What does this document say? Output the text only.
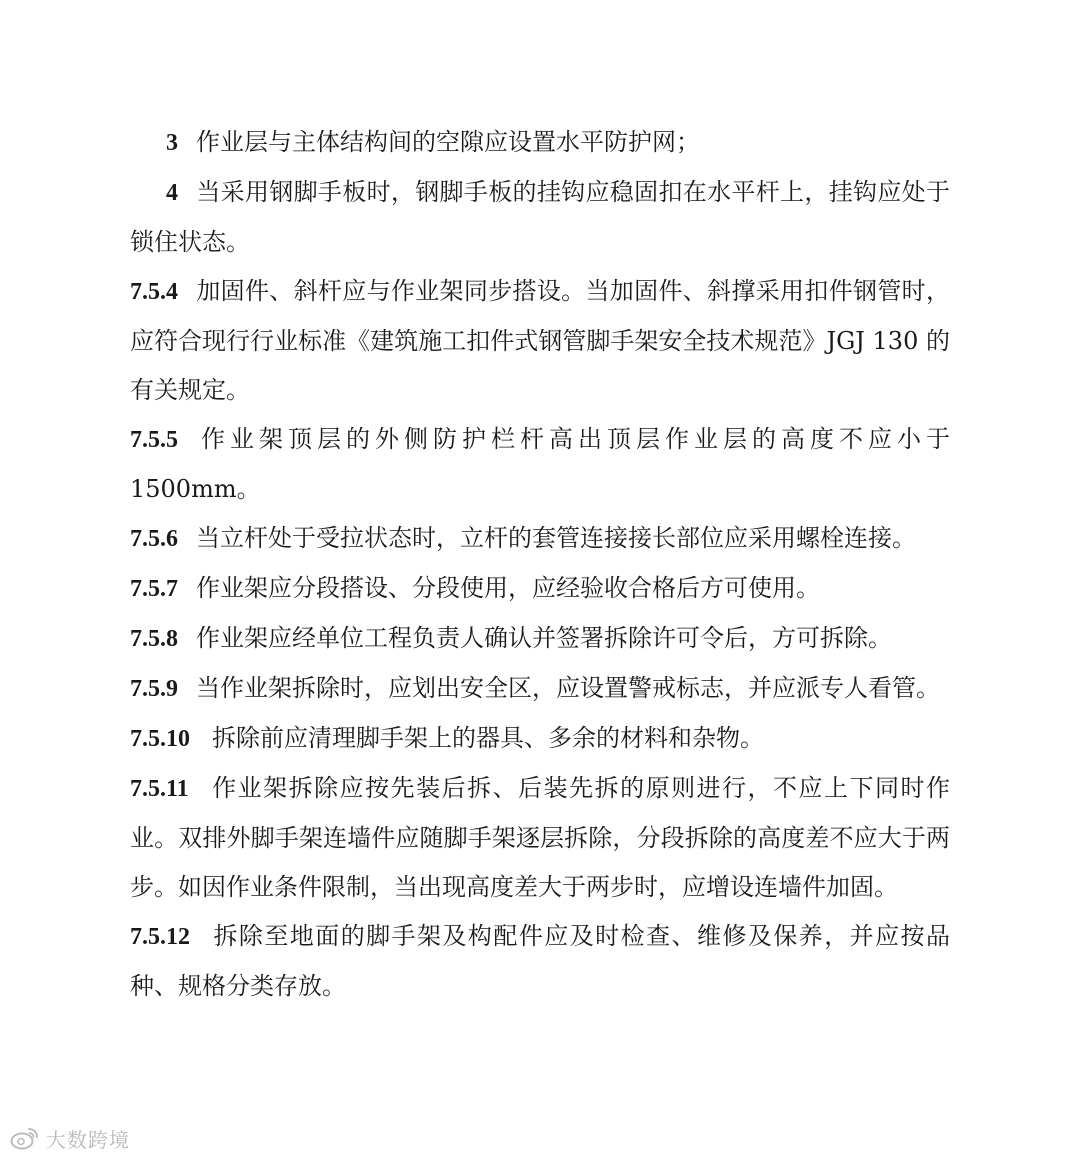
3 作业层与主体结构间的空隙应设置水平防护网；

4 当采用钢脚手板时，钢脚手板的挂钩应稳固扣在水平杆上，挂钩应处于锁住状态。

7.5.4 加固件、斜杆应与作业架同步搭设。当加固件、斜撑采用扣件钢管时，应符合现行行业标准《建筑施工扣件式钢管脚手架安全技术规范》JGJ 130 的有关规定。

7.5.5 作业架顶层的外侧防护栏杆高出顶层作业层的高度不应小于1500mm。

7.5.6 当立杆处于受拉状态时，立杆的套管连接接长部位应采用螺栓连接。

7.5.7 作业架应分段搭设、分段使用，应经验收合格后方可使用。

7.5.8 作业架应经单位工程负责人确认并签署拆除许可令后，方可拆除。

7.5.9 当作业架拆除时，应划出安全区，应设置警戒标志，并应派专人看管。

7.5.10 拆除前应清理脚手架上的器具、多余的材料和杂物。

7.5.11 作业架拆除应按先装后拆、后装先拆的原则进行，不应上下同时作业。双排外脚手架连墙件应随脚手架逐层拆除，分段拆除的高度差不应大于两步。如因作业条件限制，当出现高度差大于两步时，应增设连墙件加固。

7.5.12 拆除至地面的脚手架及构配件应及时检查、维修及保养，并应按品种、规格分类存放。

大数跨境
